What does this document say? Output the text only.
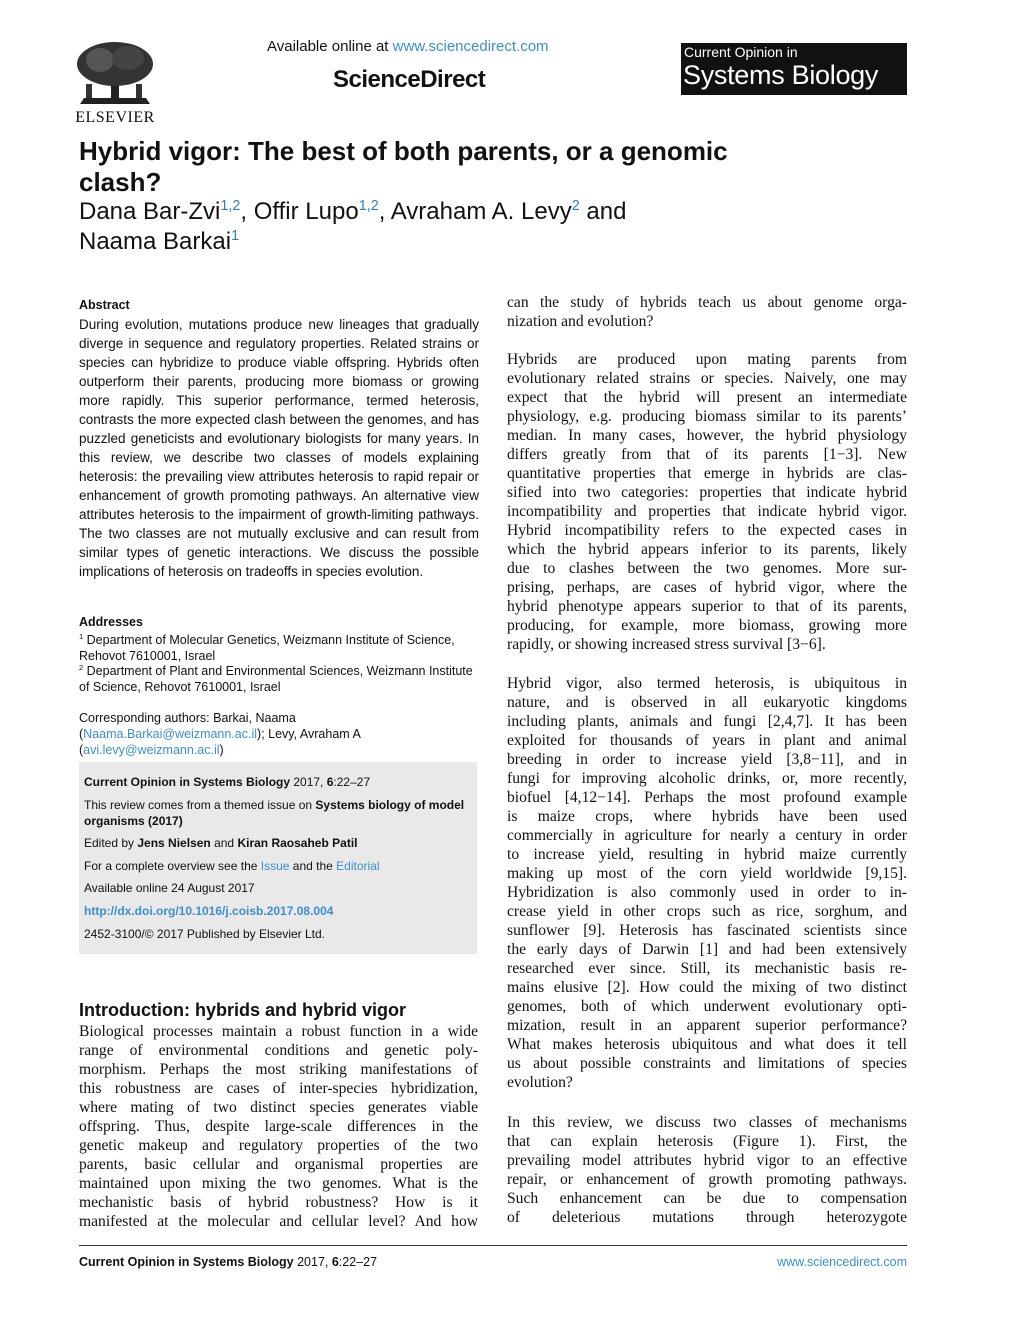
ELSEVIER
Available online at www.sciencedirect.com
ScienceDirect
Current Opinion in
Systems Biology
Hybrid vigor: The best of both parents, or a genomic
clash?
Dana Bar-Zvi$^{1,2}$, Offir Lupo$^{1,2}$, Avraham A. Levy$^2$ and
Naama Barkai$^1$
Abstract
During evolution, mutations produce new lineages that gradually diverge in sequence and regulatory properties. Related strains or species can hybridize to produce viable offspring. Hybrids often outperform their parents, producing more biomass or growing more rapidly. This superior performance, termed heterosis, contrasts the more expected clash between the genomes, and has puzzled geneticists and evolutionary biologists for many years. In this review, we describe two classes of models explaining heterosis: the prevailing view attributes heterosis to rapid repair or enhancement of growth promoting pathways. An alternative view attributes heterosis to the impairment of growth-limiting pathways. The two classes are not mutually exclusive and can result from similar types of genetic interactions. We discuss the possible implications of heterosis on tradeoffs in species evolution.
Addresses
$^1$ Department of Molecular Genetics, Weizmann Institute of Science, Rehovot 7610001, Israel
$^2$ Department of Plant and Environmental Sciences, Weizmann Institute of Science, Rehovot 7610001, Israel
Corresponding authors: Barkai, Naama (Naama.Barkai@weizmann.ac.il); Levy, Avraham A (avi.levy@weizmann.ac.il)
Current Opinion in Systems Biology 2017, 6:22–27
This review comes from a themed issue on Systems biology of model organisms (2017)
Edited by Jens Nielsen and Kiran Raosaheb Patil
For a complete overview see the Issue and the Editorial
Available online 24 August 2017
http://dx.doi.org/10.1016/j.coisb.2017.08.004
2452-3100/© 2017 Published by Elsevier Ltd.
Introduction: hybrids and hybrid vigor
Biological processes maintain a robust function in a wide
range of environmental conditions and genetic poly-
morphism. Perhaps the most striking manifestations of
this robustness are cases of inter-species hybridization,
where mating of two distinct species generates viable
offspring. Thus, despite large-scale differences in the
genetic makeup and regulatory properties of the two
parents, basic cellular and organismal properties are
maintained upon mixing the two genomes. What is the
mechanistic basis of hybrid robustness? How is it
manifested at the molecular and cellular level? And how
can the study of hybrids teach us about genome orga-
nization and evolution?
Hybrids are produced upon mating parents from
evolutionary related strains or species. Naively, one may
expect that the hybrid will present an intermediate
physiology, e.g. producing biomass similar to its parents’
median. In many cases, however, the hybrid physiology
differs greatly from that of its parents [1−3]. New
quantitative properties that emerge in hybrids are clas-
sified into two categories: properties that indicate hybrid
incompatibility and properties that indicate hybrid vigor.
Hybrid incompatibility refers to the expected cases in
which the hybrid appears inferior to its parents, likely
due to clashes between the two genomes. More sur-
prising, perhaps, are cases of hybrid vigor, where the
hybrid phenotype appears superior to that of its parents,
producing, for example, more biomass, growing more
rapidly, or showing increased stress survival [3−6].
Hybrid vigor, also termed heterosis, is ubiquitous in
nature, and is observed in all eukaryotic kingdoms
including plants, animals and fungi [2,4,7]. It has been
exploited for thousands of years in plant and animal
breeding in order to increase yield [3,8−11], and in
fungi for improving alcoholic drinks, or, more recently,
biofuel [4,12−14]. Perhaps the most profound example
is maize crops, where hybrids have been used
commercially in agriculture for nearly a century in order
to increase yield, resulting in hybrid maize currently
making up most of the corn yield worldwide [9,15].
Hybridization is also commonly used in order to in-
crease yield in other crops such as rice, sorghum, and
sunflower [9]. Heterosis has fascinated scientists since
the early days of Darwin [1] and had been extensively
researched ever since. Still, its mechanistic basis re-
mains elusive [2]. How could the mixing of two distinct
genomes, both of which underwent evolutionary opti-
mization, result in an apparent superior performance?
What makes heterosis ubiquitous and what does it tell
us about possible constraints and limitations of species
evolution?
In this review, we discuss two classes of mechanisms
that can explain heterosis (Figure 1). First, the
prevailing model attributes hybrid vigor to an effective
repair, or enhancement of growth promoting pathways.
Such enhancement can be due to compensation
of deleterious mutations through heterozygote
Current Opinion in Systems Biology 2017, 6:22–27	www.sciencedirect.com
